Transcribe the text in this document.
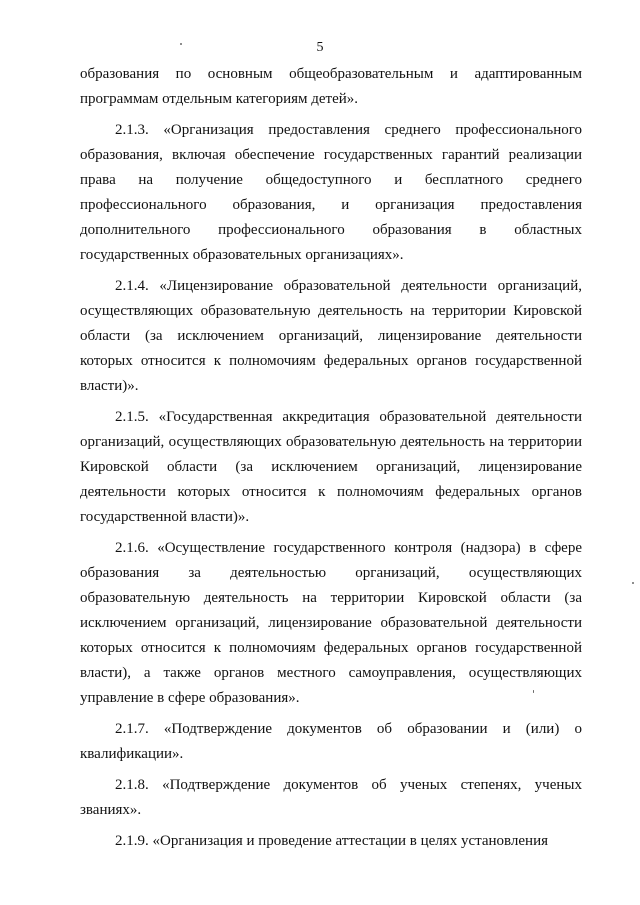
5

образования по основным общеобразовательным и адаптированным программам отдельным категориям детей».

2.1.3. «Организация предоставления среднего профессионального образования, включая обеспечение государственных гарантий реализации права на получение общедоступного и бесплатного среднего профессионального образования, и организация предоставления дополнительного профессионального образования в областных государственных образовательных организациях».

2.1.4. «Лицензирование образовательной деятельности организаций, осуществляющих образовательную деятельность на территории Кировской области (за исключением организаций, лицензирование деятельности которых относится к полномочиям федеральных органов государственной власти)».

2.1.5. «Государственная аккредитация образовательной деятельности организаций, осуществляющих образовательную деятельность на территории Кировской области (за исключением организаций, лицензирование деятельности которых относится к полномочиям федеральных органов государственной власти)».

2.1.6. «Осуществление государственного контроля (надзора) в сфере образования за деятельностью организаций, осуществляющих образовательную деятельность на территории Кировской области (за исключением организаций, лицензирование образовательной деятельности которых относится к полномочиям федеральных органов государственной власти), а также органов местного самоуправления, осуществляющих управление в сфере образования».

2.1.7. «Подтверждение документов об образовании и (или) о квалификации».

2.1.8. «Подтверждение документов об ученых степенях, ученых званиях».

2.1.9. «Организация и проведение аттестации в целях установления
